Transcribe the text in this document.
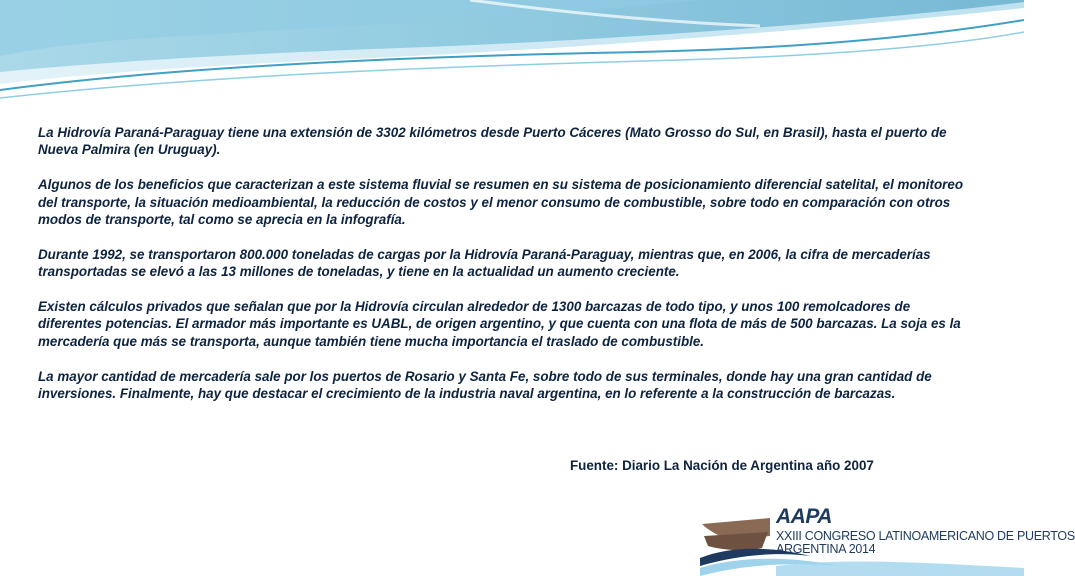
La Hidrovía Paraná-Paraguay tiene una extensión de 3302 kilómetros desde Puerto Cáceres (Mato Grosso do Sul, en Brasil), hasta el puerto de Nueva Palmira (en Uruguay).

Algunos de los beneficios que caracterizan a este sistema fluvial se resumen en su sistema de posicionamiento diferencial satelital, el monitoreo del transporte, la situación medioambiental, la reducción de costos y el menor consumo de combustible, sobre todo en comparación con otros modos de transporte, tal como se aprecia en la infografía.

Durante 1992, se transportaron 800.000 toneladas de cargas por la Hidrovía Paraná-Paraguay, mientras que, en 2006, la cifra de mercaderías transportadas se elevó a las 13 millones de toneladas, y tiene en la actualidad un aumento creciente.

Existen cálculos privados que señalan que por la Hidrovía circulan alrededor de 1300 barcazas de todo tipo, y unos 100 remolcadores de diferentes potencias. El armador más importante es UABL, de origen argentino, y que cuenta con una flota de más de 500 barcazas. La soja es la mercadería que más se transporta, aunque también tiene mucha importancia el traslado de combustible.

La mayor cantidad de mercadería sale por los puertos de Rosario y Santa Fe, sobre todo de sus terminales, donde hay una gran cantidad de inversiones. Finalmente, hay que destacar el crecimiento de la industria naval argentina, en lo referente a la construcción de barcazas.

Fuente: Diario La Nación de Argentina año 2007
AAPA
XXIII CONGRESO LATINOAMERICANO DE PUERTOS
ARGENTINA 2014
